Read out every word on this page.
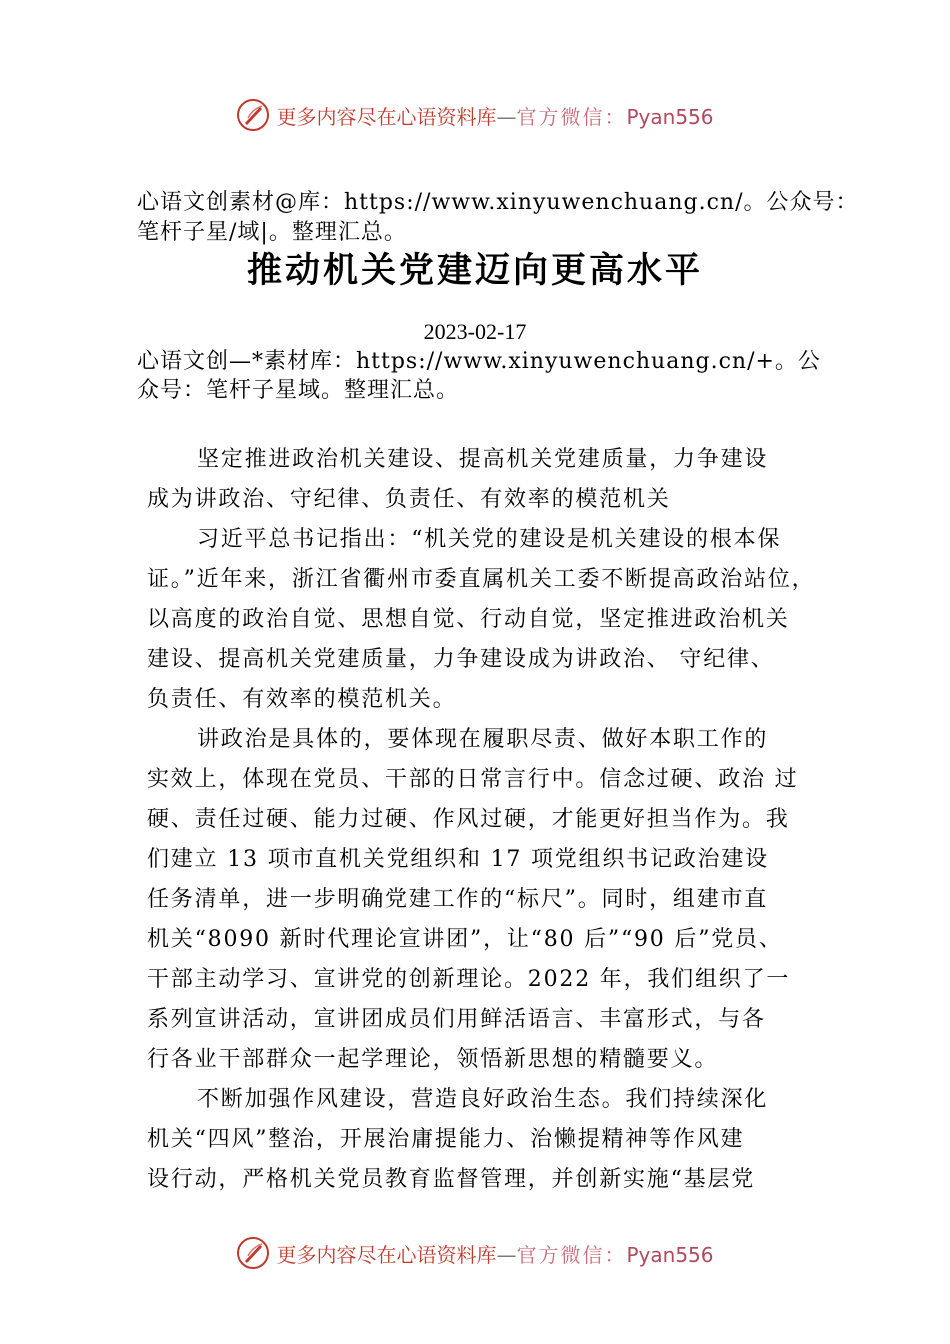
更多内容尽在心语资料库—官方微信：Pyan556

心语文创素材@库：https://www.xinyuwenchuang.cn/。公众号：

笔杆子星/域|。整理汇总。

推动机关党建迈向更高水平
2023-02-17

心语文创—*素材库：https://www.xinyuwenchuang.cn/+。公

众号：笔杆子星域。整理汇总。

坚定推进政治机关建设、提高机关党建质量，力争建设

成为讲政治、守纪律、负责任、有效率的模范机关

习近平总书记指出：“机关党的建设是机关建设的根本保

证。”近年来，浙江省衢州市委直属机关工委不断提高政治站位，

以高度的政治自觉、思想自觉、行动自觉，坚定推进政治机关

建设、提高机关党建质量，力争建设成为讲政治、 守纪律、

负责任、有效率的模范机关。

讲政治是具体的，要体现在履职尽责、做好本职工作的

实效上，体现在党员、干部的日常言行中。信念过硬、政治 过

硬、责任过硬、能力过硬、作风过硬，才能更好担当作为。我

们建立 13 项市直机关党组织和 17 项党组织书记政治建设

任务清单，进一步明确党建工作的“标尺”。同时，组建市直

机关“8090 新时代理论宣讲团”，让“80 后”“90 后”党员、

干部主动学习、宣讲党的创新理论。2022 年，我们组织了一

系列宣讲活动，宣讲团成员们用鲜活语言、丰富形式，与各

行各业干部群众一起学理论，领悟新思想的精髓要义。

不断加强作风建设，营造良好政治生态。我们持续深化

机关“四风”整治，开展治庸提能力、治懒提精神等作风建

设行动，严格机关党员教育监督管理，并创新实施“基层党

更多内容尽在心语资料库—官方微信：Pyan556
